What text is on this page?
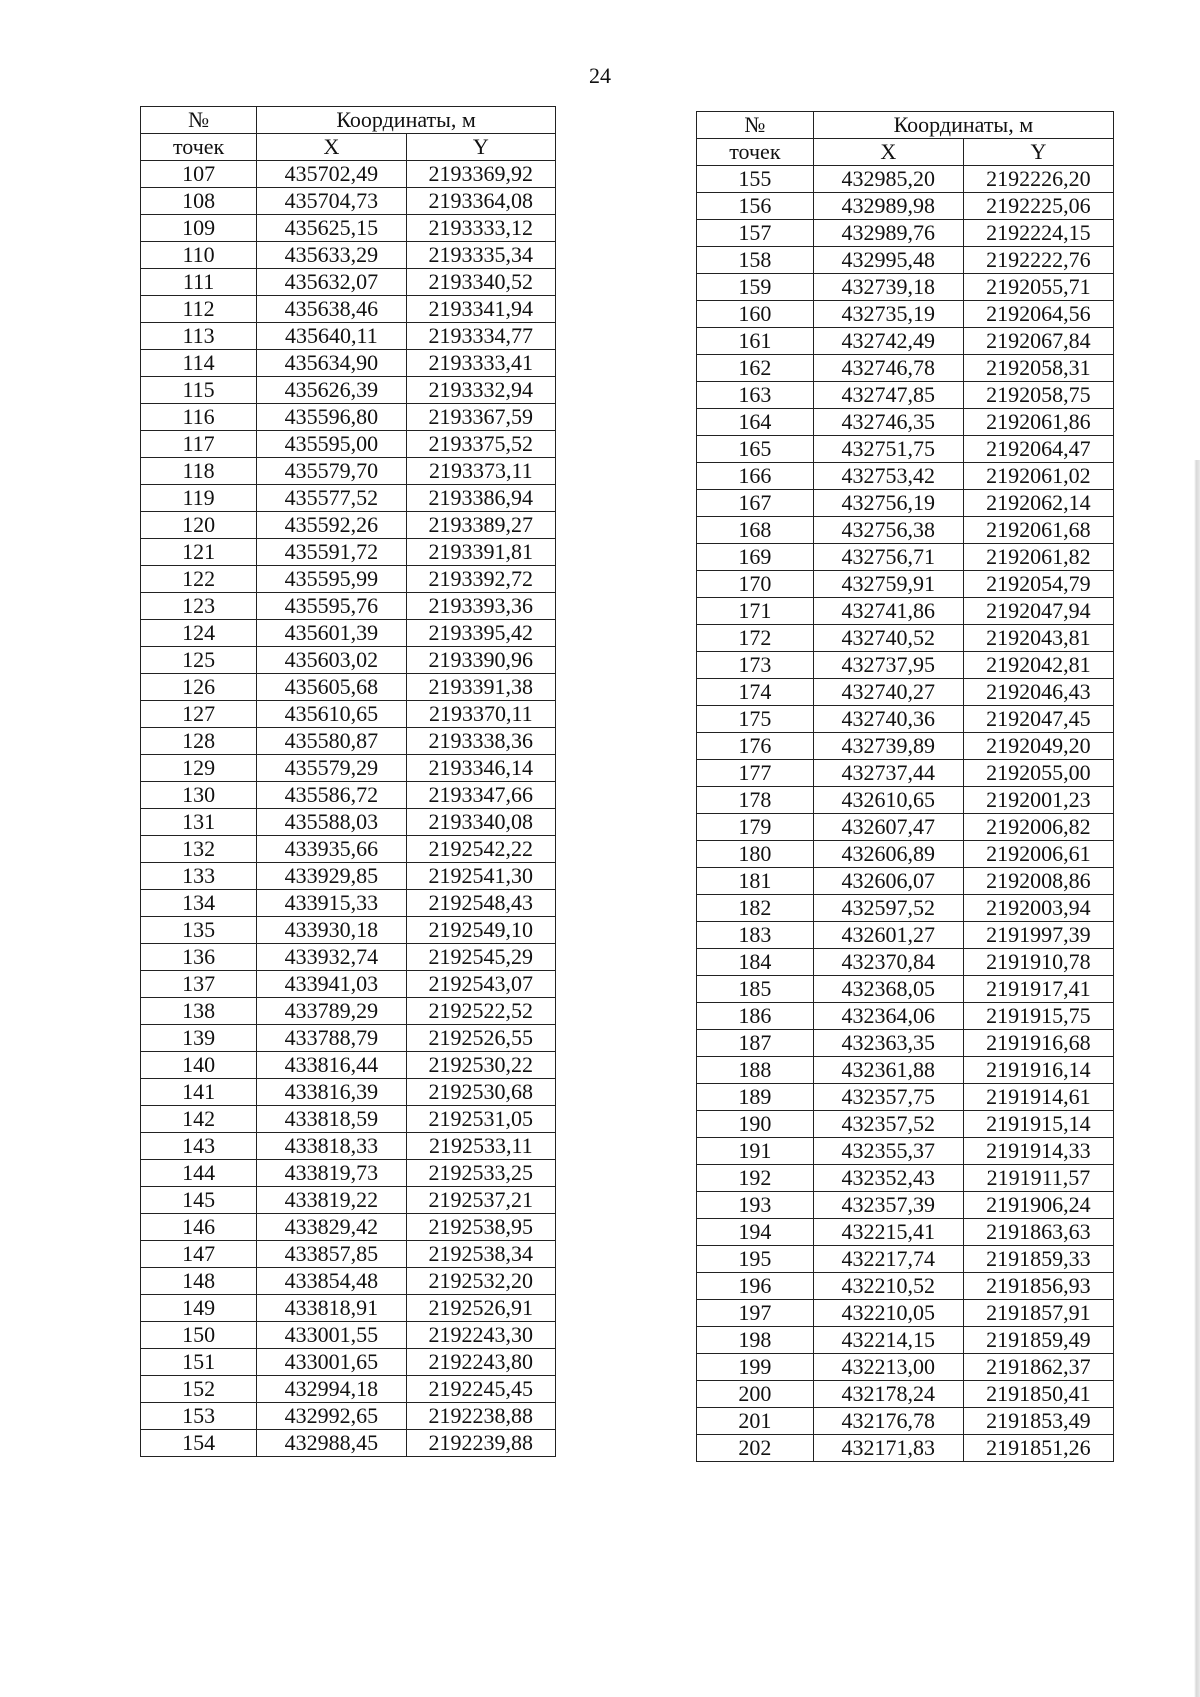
24
№	Координаты, м	
точек	X	Y
107	435702,49	2193369,92
108	435704,73	2193364,08
109	435625,15	2193333,12
110	435633,29	2193335,34
111	435632,07	2193340,52
112	435638,46	2193341,94
113	435640,11	2193334,77
114	435634,90	2193333,41
115	435626,39	2193332,94
116	435596,80	2193367,59
117	435595,00	2193375,52
118	435579,70	2193373,11
119	435577,52	2193386,94
120	435592,26	2193389,27
121	435591,72	2193391,81
122	435595,99	2193392,72
123	435595,76	2193393,36
124	435601,39	2193395,42
125	435603,02	2193390,96
126	435605,68	2193391,38
127	435610,65	2193370,11
128	435580,87	2193338,36
129	435579,29	2193346,14
130	435586,72	2193347,66
131	435588,03	2193340,08
132	433935,66	2192542,22
133	433929,85	2192541,30
134	433915,33	2192548,43
135	433930,18	2192549,10
136	433932,74	2192545,29
137	433941,03	2192543,07
138	433789,29	2192522,52
139	433788,79	2192526,55
140	433816,44	2192530,22
141	433816,39	2192530,68
142	433818,59	2192531,05
143	433818,33	2192533,11
144	433819,73	2192533,25
145	433819,22	2192537,21
146	433829,42	2192538,95
147	433857,85	2192538,34
148	433854,48	2192532,20
149	433818,91	2192526,91
150	433001,55	2192243,30
151	433001,65	2192243,80
152	432994,18	2192245,45
153	432992,65	2192238,88
154	432988,45	2192239,88
№	Координаты, м	
точек	X	Y
155	432985,20	2192226,20
156	432989,98	2192225,06
157	432989,76	2192224,15
158	432995,48	2192222,76
159	432739,18	2192055,71
160	432735,19	2192064,56
161	432742,49	2192067,84
162	432746,78	2192058,31
163	432747,85	2192058,75
164	432746,35	2192061,86
165	432751,75	2192064,47
166	432753,42	2192061,02
167	432756,19	2192062,14
168	432756,38	2192061,68
169	432756,71	2192061,82
170	432759,91	2192054,79
171	432741,86	2192047,94
172	432740,52	2192043,81
173	432737,95	2192042,81
174	432740,27	2192046,43
175	432740,36	2192047,45
176	432739,89	2192049,20
177	432737,44	2192055,00
178	432610,65	2192001,23
179	432607,47	2192006,82
180	432606,89	2192006,61
181	432606,07	2192008,86
182	432597,52	2192003,94
183	432601,27	2191997,39
184	432370,84	2191910,78
185	432368,05	2191917,41
186	432364,06	2191915,75
187	432363,35	2191916,68
188	432361,88	2191916,14
189	432357,75	2191914,61
190	432357,52	2191915,14
191	432355,37	2191914,33
192	432352,43	2191911,57
193	432357,39	2191906,24
194	432215,41	2191863,63
195	432217,74	2191859,33
196	432210,52	2191856,93
197	432210,05	2191857,91
198	432214,15	2191859,49
199	432213,00	2191862,37
200	432178,24	2191850,41
201	432176,78	2191853,49
202	432171,83	2191851,26
